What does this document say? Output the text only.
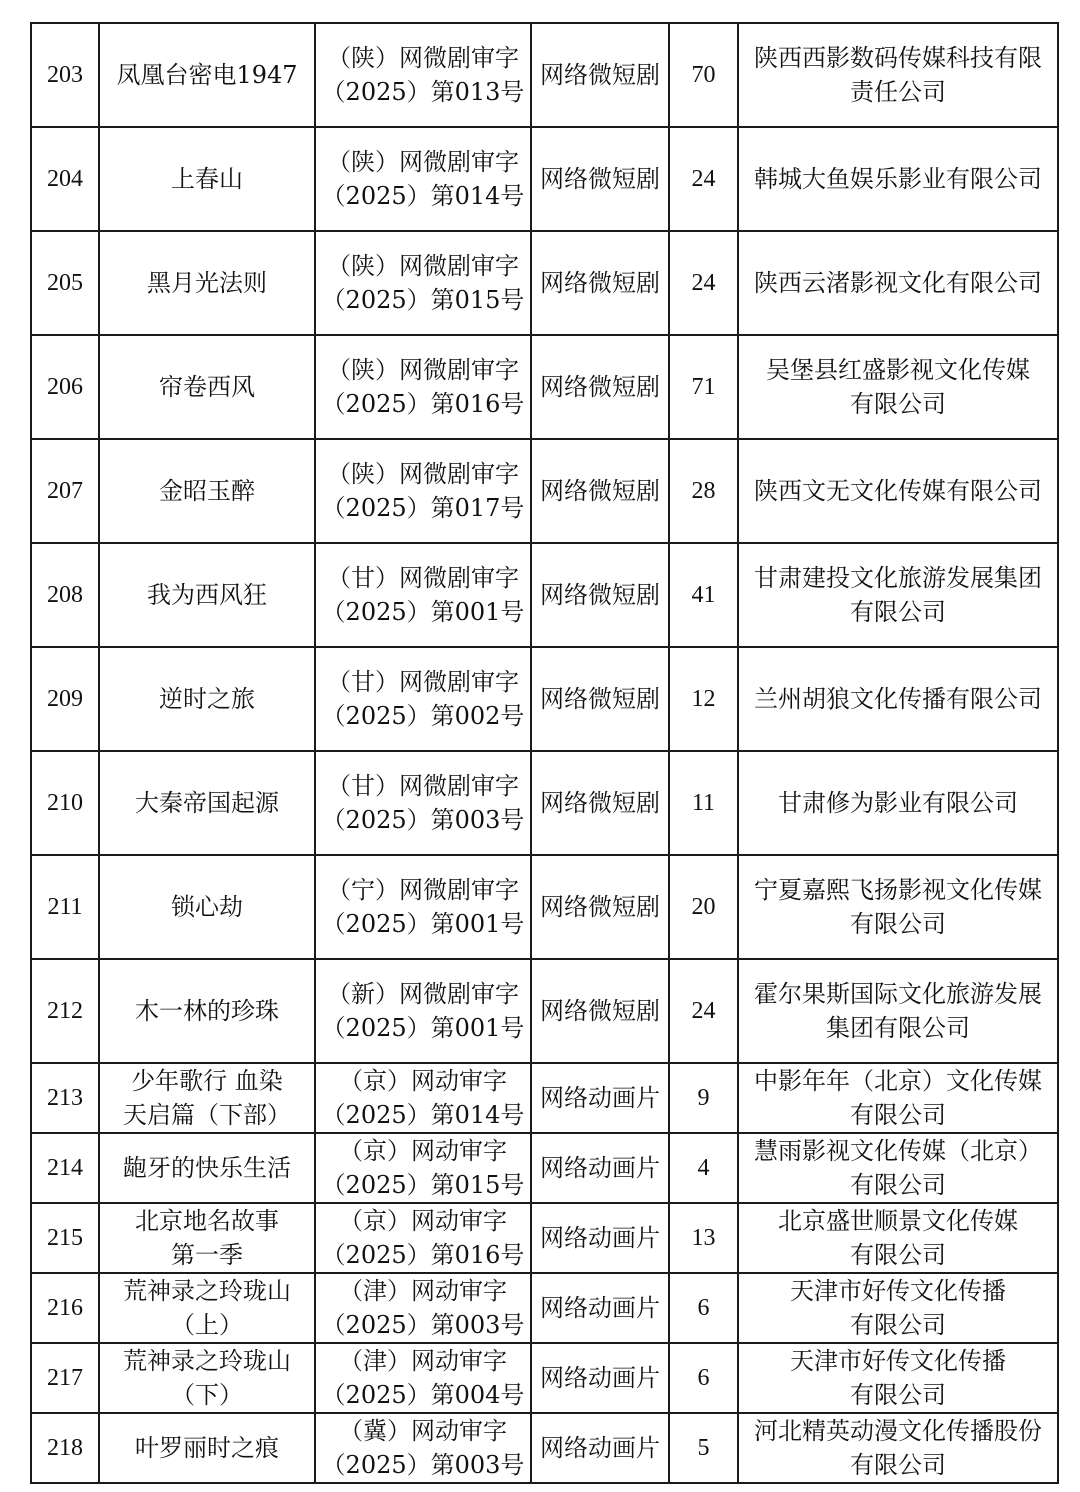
203	凤凰台密电1947	（陕）网微剧审字
（2025）第013号	网络微短剧	70	陕西西影数码传媒科技有限
责任公司
204	上春山	（陕）网微剧审字
（2025）第014号	网络微短剧	24	韩城大鱼娱乐影业有限公司
205	黑月光法则	（陕）网微剧审字
（2025）第015号	网络微短剧	24	陕西云渚影视文化有限公司
206	帘卷西风	（陕）网微剧审字
（2025）第016号	网络微短剧	71	吴堡县红盛影视文化传媒
有限公司
207	金昭玉醉	（陕）网微剧审字
（2025）第017号	网络微短剧	28	陕西文无文化传媒有限公司
208	我为西风狂	（甘）网微剧审字
（2025）第001号	网络微短剧	41	甘肃建投文化旅游发展集团
有限公司
209	逆时之旅	（甘）网微剧审字
（2025）第002号	网络微短剧	12	兰州胡狼文化传播有限公司
210	大秦帝国起源	（甘）网微剧审字
（2025）第003号	网络微短剧	11	甘肃修为影业有限公司
211	锁心劫	（宁）网微剧审字
（2025）第001号	网络微短剧	20	宁夏嘉熙飞扬影视文化传媒
有限公司
212	木一林的珍珠	（新）网微剧审字
（2025）第001号	网络微短剧	24	霍尔果斯国际文化旅游发展
集团有限公司
213	少年歌行 血染
天启篇（下部）	（京）网动审字
（2025）第014号	网络动画片	9	中影年年（北京）文化传媒
有限公司
214	龅牙的快乐生活	（京）网动审字
（2025）第015号	网络动画片	4	慧雨影视文化传媒（北京）
有限公司
215	北京地名故事
第一季	（京）网动审字
（2025）第016号	网络动画片	13	北京盛世顺景文化传媒
有限公司
216	荒神录之玲珑山
（上）	（津）网动审字
（2025）第003号	网络动画片	6	天津市好传文化传播
有限公司
217	荒神录之玲珑山
（下）	（津）网动审字
（2025）第004号	网络动画片	6	天津市好传文化传播
有限公司
218	叶罗丽时之痕	（冀）网动审字
（2025）第003号	网络动画片	5	河北精英动漫文化传播股份
有限公司
